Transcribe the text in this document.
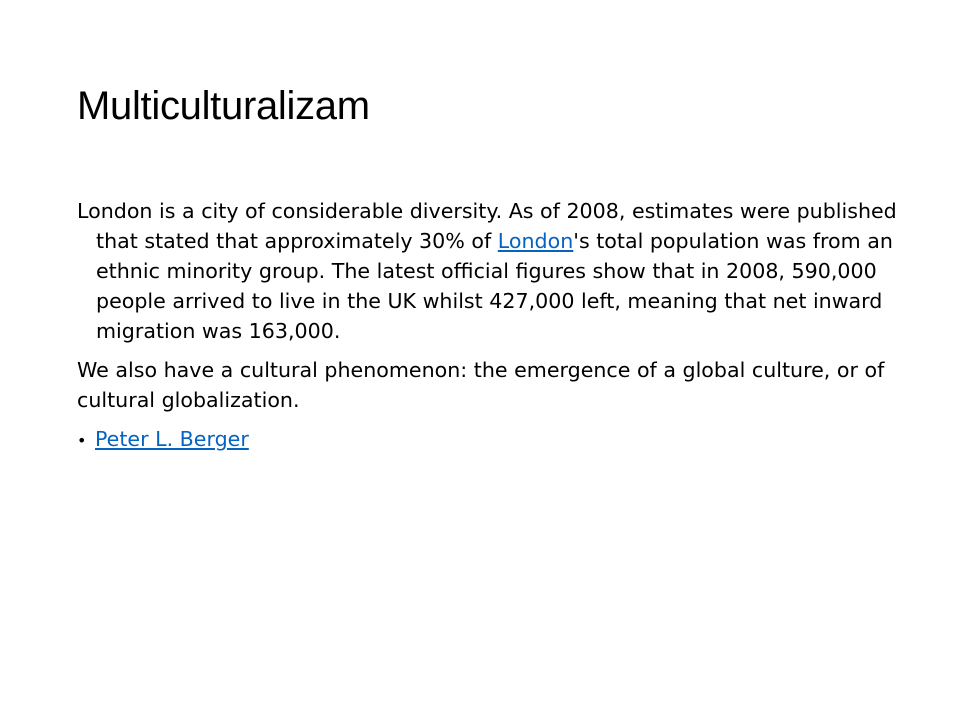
Multiculturalizam

London is a city of considerable diversity. As of 2008, estimates were published that stated that approximately 30% of London's total population was from an ethnic minority group. The latest official figures show that in 2008, 590,000 people arrived to live in the UK whilst 427,000 left, meaning that net inward migration was 163,000.

We also have a cultural phenomenon: the emergence of a global culture, or of cultural globalization.

• Peter L. Berger
